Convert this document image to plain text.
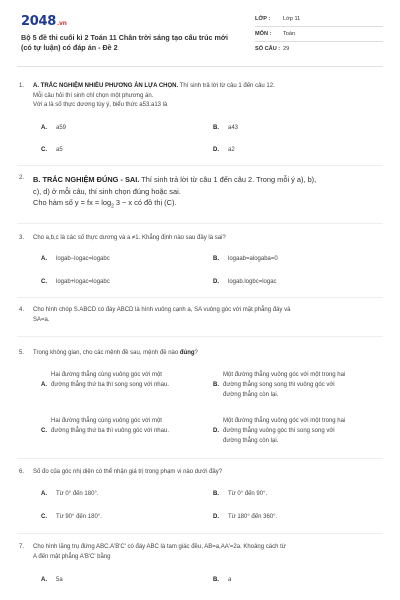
2048.vn
Bộ 5 đề thi cuối kì 2 Toán 11 Chân trời sáng tạo cấu trúc mới (có tự luận) có đáp án - Đề 2
LỚP : Lớp 11
MÔN : Toán
SỐ CÂU : 29
1. A. TRẮC NGHIỆM NHIỀU PHƯƠNG ÁN LỰA CHỌN. Thí sinh trả lời từ câu 1 đến câu 12.
Mỗi câu hỏi thí sinh chỉ chọn một phương án.
Với a là số thực dương tùy ý, biểu thức a53.a13 là
A. a59	B. a43
C. a5	D. a2
2. B. TRẮC NGHIỆM ĐÚNG - SAI. Thí sinh trả lời từ câu 1 đến câu 2. Trong mỗi ý a), b),
c), d) ở mỗi câu, thí sinh chọn đúng hoặc sai.
Cho hàm số y = fx = $\log_2 3 - x$ có đồ thị (C).
3. Cho a,b,c là các số thực dương và a ≠1. Khẳng định nào sau đây là sai?
A. logab−logac=logabc	B. logaab=alogaba=0
C. logab+logac=logabc	D. logab.logbc=logac
4. Cho hình chóp S.ABCD có đáy ABCD là hình vuông cạnh a, SA vuông góc với mặt phẳng đáy và
SA=a.
5. Trong không gian, cho các mệnh đề sau, mệnh đề nào đúng?
A.
Hai đường thẳng cùng vuông góc với một đường thẳng thứ ba thì song song với nhau.	B.
Một đường thẳng vuông góc với một trong hai đường thẳng song song thì vuông góc với đường thẳng còn lại.
C.
Hai đường thẳng cùng vuông góc với một đường thẳng thứ ba thì vuông góc với nhau.	D.
Một đường thẳng vuông góc với một trong hai đường thẳng vuông góc thì song song với đường thẳng còn lại.
6. Số đo của góc nhị diện có thể nhận giá trị trong phạm vi nào dưới đây?
A. Từ 0° đến 180°.	B. Từ 0° đến 90°.
C. Từ 90° đến 180°.	D. Từ 180° đến 360°.
7. Cho hình lăng trụ đứng ABC.A'B'C' có đáy ABC là tam giác đều, AB=a,AA'=2a. Khoảng cách từ
A đến mặt phẳng A'B'C' bằng
A. 5a	B. a
